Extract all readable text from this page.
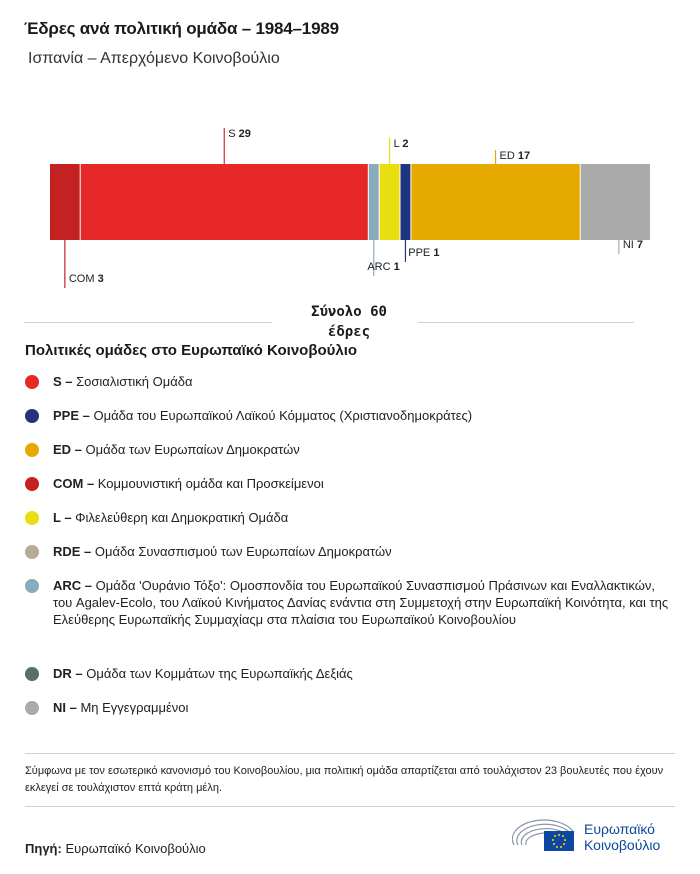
Έδρες ανά πολιτική ομάδα – 1984–1989
Ισπανία – Απερχόμενο Κοινοβούλιο
COM 3
S 29
ARC 1
L 2
PPE 1
ED 17
NI 7
Σύνολο 60
έδρες
Πολιτικές ομάδες στο Ευρωπαϊκό Κοινοβούλιο
S – Σοσιαλιστική Ομάδα
PPE – Ομάδα του Ευρωπαϊκού Λαϊκού Κόμματος (Χριστιανοδημοκράτες)
ED – Ομάδα των Ευρωπαίων Δημοκρατών
COM – Κομμουνιστική ομάδα και Προσκείμενοι
L – Φιλελεύθερη και Δημοκρατική Ομάδα
RDE – Ομάδα Συνασπισμού των Ευρωπαίων Δημοκρατών
ARC – Ομάδα 'Ουράνιο Τόξο': Ομοσπονδία του Ευρωπαϊκού Συνασπισμού Πράσινων και Εναλλακτικών, του Agalev-Ecolo, του Λαϊκού Κινήματος Δανίας ενάντια στη Συμμετοχή στην Ευρωπαϊκή Κοινότητα, και της Ελεύθερης Ευρωπαϊκής Συμμαχίαςμ στα πλαίσια του Ευρωπαϊκού Κοινοβουλίου
DR – Ομάδα των Κομμάτων της Ευρωπαϊκής Δεξιάς
NI – Μη Εγγεγραμμένοι
Σύμφωνα με τον εσωτερικό κανονισμό του Κοινοβουλίου, μια πολιτική ομάδα απαρτίζεται από τουλάχιστον 23 βουλευτές που έχουν εκλεγεί σε τουλάχιστον επτά κράτη μέλη.
Πηγή: Ευρωπαϊκό Κοινοβούλιο
Ευρωπαϊκό
Κοινοβούλιο
